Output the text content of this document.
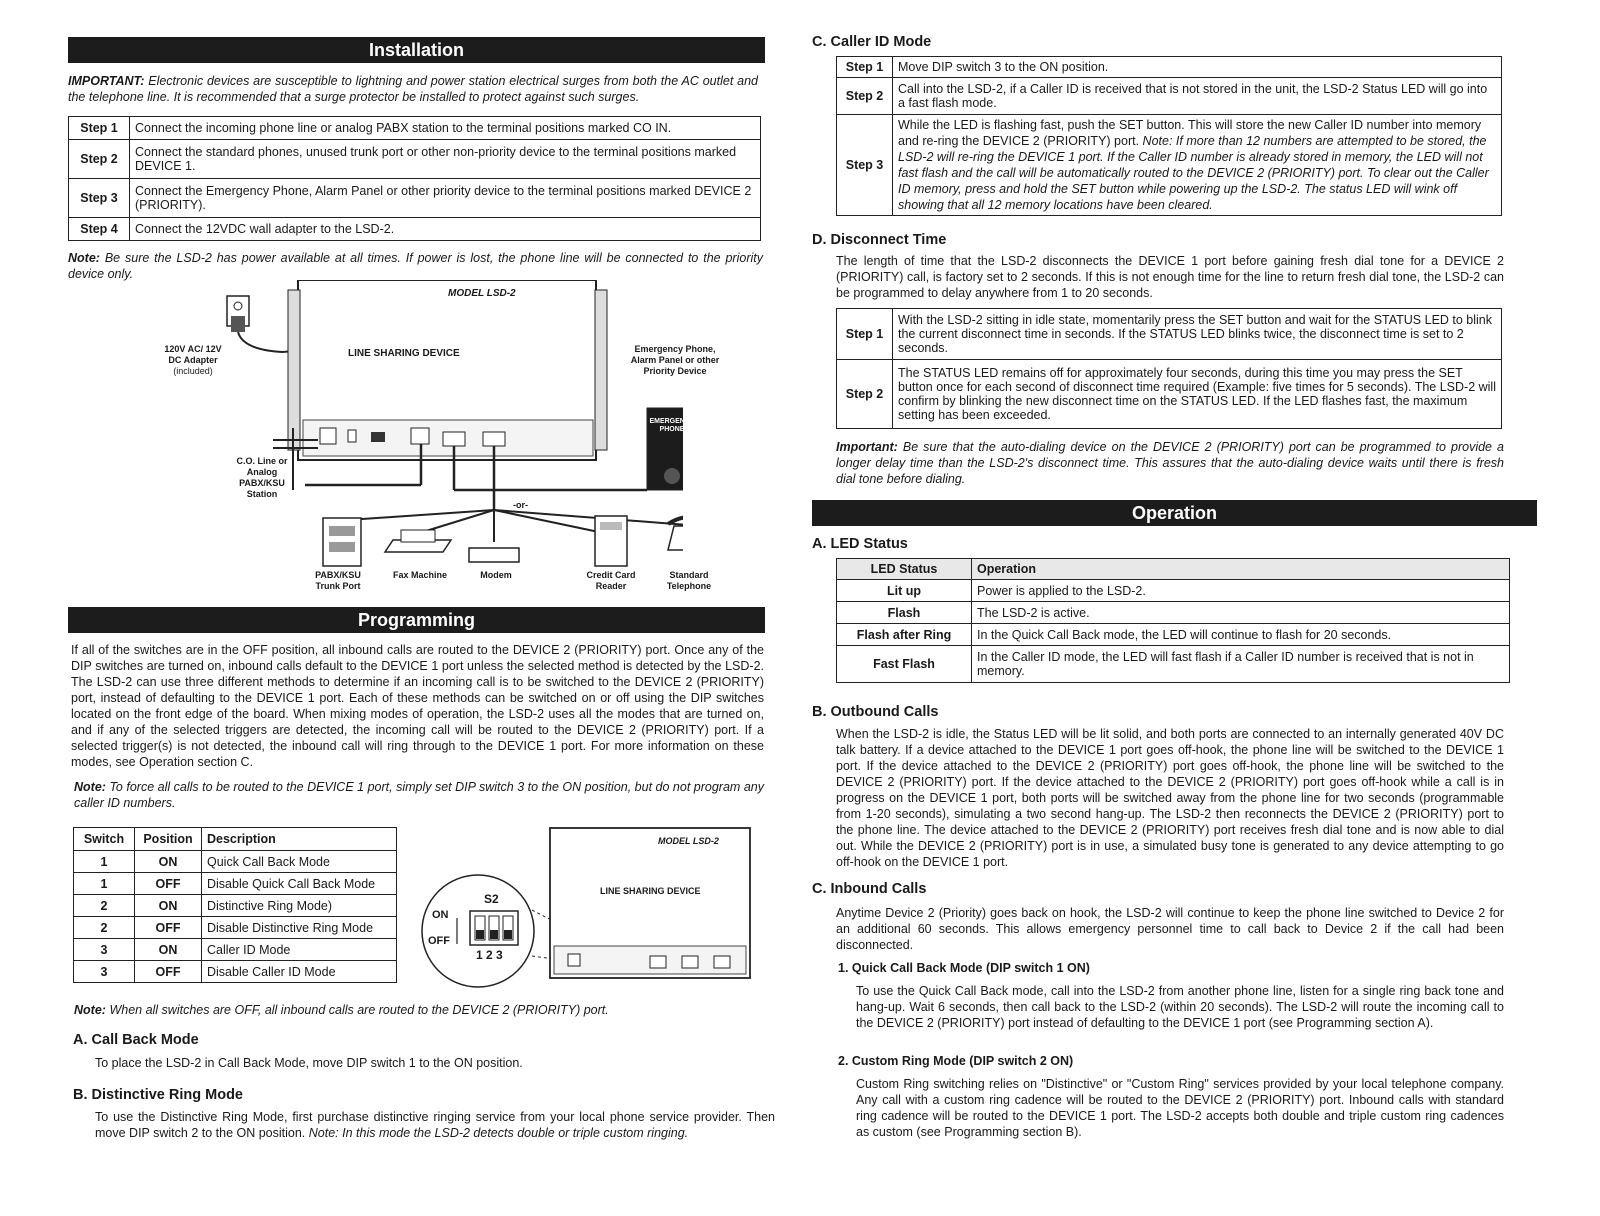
Installation

IMPORTANT: Electronic devices are susceptible to lightning and power station electrical surges from both the AC outlet and the telephone line. It is recommended that a surge protector be installed to protect against such surges.

Step 1	Connect the incoming phone line or analog PABX station to the terminal positions marked CO IN.
Step 2	Connect the standard phones, unused trunk port or other non-priority device to the terminal positions marked DEVICE 1.
Step 3	Connect the Emergency Phone, Alarm Panel or other priority device to the terminal positions marked DEVICE 2 (PRIORITY).
Step 4	Connect the 12VDC wall adapter to the LSD-2.

Note: Be sure the LSD-2 has power available at all times. If power is lost, the phone line will be connected to the priority device only.

MODEL LSD-2
LINE SHARING DEVICE
120V AC/ 12V DC Adapter
(included)
Emergency Phone, Alarm Panel or other Priority Device
EMERGENCY PHONE
C.O. Line or Analog PABX/KSU Station
-or-
PABX/KSU Trunk Port
Fax Machine	Modem	Credit Card Reader
Standard Telephone
Programming

If all of the switches are in the OFF position, all inbound calls are routed to the DEVICE 2 (PRIORITY) port. Once any of the DIP switches are turned on, inbound calls default to the DEVICE 1 port unless the selected method is detected by the LSD-2. The LSD-2 can use three different methods to determine if an incoming call is to be switched to the DEVICE 2 (PRIORITY) port, instead of defaulting to the DEVICE 1 port. Each of these methods can be switched on or off using the DIP switches located on the front edge of the board. When mixing modes of operation, the LSD-2 uses all the modes that are turned on, and if any of the selected triggers are detected, the incoming call will be routed to the DEVICE 2 (PRIORITY) port. If a selected trigger(s) is not detected, the inbound call will ring through to the DEVICE 1 port. For more information on these modes, see Operation section C.

Note: To force all calls to be routed to the DEVICE 1 port, simply set DIP switch 3 to the ON position, but do not program any caller ID numbers.

Switch	Position	Description
1	ON	Quick Call Back Mode
1	OFF	Disable Quick Call Back Mode
2	ON	Distinctive Ring Mode)
2	OFF	Disable Distinctive Ring Mode
3	ON	Caller ID Mode
3	OFF	Disable Caller ID Mode
S2
ON
OFF
1 2 3
MODEL LSD-2
LINE SHARING DEVICE

Note: When all switches are OFF, all inbound calls are routed to the DEVICE 2 (PRIORITY) port.

A. Call Back Mode

To place the LSD-2 in Call Back Mode, move DIP switch 1 to the ON position.

B. Distinctive Ring Mode

To use the Distinctive Ring Mode, first purchase distinctive ringing service from your local phone service provider. Then move DIP switch 2 to the ON position. Note: In this mode the LSD-2 detects double or triple custom ringing.

C. Caller ID Mode

Step 1	Move DIP switch 3 to the ON position.
Step 2	Call into the LSD-2, if a Caller ID is received that is not stored in the unit, the LSD-2 Status LED will go into a fast flash mode.
Step 3	While the LED is flashing fast, push the SET button. This will store the new Caller ID number into memory and re-ring the DEVICE 2 (PRIORITY) port. Note: If more than 12 numbers are attempted to be stored, the LSD-2 will re-ring the DEVICE 1 port. If the Caller ID number is already stored in memory, the LED will not fast flash and the call will be automatically routed to the DEVICE 2 (PRIORITY) port. To clear out the Caller ID memory, press and hold the SET button while powering up the LSD-2. The status LED will wink off showing that all 12 memory locations have been cleared.

D. Disconnect Time

The length of time that the LSD-2 disconnects the DEVICE 1 port before gaining fresh dial tone for a DEVICE 2 (PRIORITY) call, is factory set to 2 seconds. If this is not enough time for the line to return fresh dial tone, the LSD-2 can be programmed to delay anywhere from 1 to 20 seconds.

Step 1	With the LSD-2 sitting in idle state, momentarily press the SET button and wait for the STATUS LED to blink the current disconnect time in seconds. If the STATUS LED blinks twice, the disconnect time is set to 2 seconds.
Step 2	The STATUS LED remains off for approximately four seconds, during this time you may press the SET button once for each second of disconnect time required (Example: five times for 5 seconds). The LSD-2 will confirm by blinking the new disconnect time on the STATUS LED. If the LED flashes fast, the maximum setting has been exceeded.

Important: Be sure that the auto-dialing device on the DEVICE 2 (PRIORITY) port can be programmed to provide a longer delay time than the LSD-2's disconnect time. This assures that the auto-dialing device waits until there is fresh dial tone before dialing.

Operation

A. LED Status

LED Status	Operation
Lit up	Power is applied to the LSD-2.
Flash	The LSD-2 is active.
Flash after Ring	In the Quick Call Back mode, the LED will continue to flash for 20 seconds.
Fast Flash	In the Caller ID mode, the LED will fast flash if a Caller ID number is received that is not in memory.

B. Outbound Calls

When the LSD-2 is idle, the Status LED will be lit solid, and both ports are connected to an internally generated 40V DC talk battery. If a device attached to the DEVICE 1 port goes off-hook, the phone line will be switched to the DEVICE 1 port. If the device attached to the DEVICE 2 (PRIORITY) port goes off-hook, the phone line will be switched to the DEVICE 2 (PRIORITY) port. If the device attached to the DEVICE 2 (PRIORITY) port goes off-hook while a call is in progress on the DEVICE 1 port, both ports will be switched away from the phone line for two seconds (programmable from 1-20 seconds), simulating a two second hang-up. The LSD-2 then reconnects the DEVICE 2 (PRIORITY) port to the phone line. The device attached to the DEVICE 2 (PRIORITY) port receives fresh dial tone and is now able to dial out. While the DEVICE 2 (PRIORITY) port is in use, a simulated busy tone is generated to any device attempting to go off-hook on the DEVICE 1 port.

C. Inbound Calls

Anytime Device 2 (Priority) goes back on hook, the LSD-2 will continue to keep the phone line switched to Device 2 for an additional 60 seconds. This allows emergency personnel time to call back to Device 2 if the call had been disconnected.

1. Quick Call Back Mode (DIP switch 1 ON)

To use the Quick Call Back mode, call into the LSD-2 from another phone line, listen for a single ring back tone and hang-up. Wait 6 seconds, then call back to the LSD-2 (within 20 seconds). The LSD-2 will route the incoming call to the DEVICE 2 (PRIORITY) port instead of defaulting to the DEVICE 1 port (see Programming section A).

2. Custom Ring Mode (DIP switch 2 ON)

Custom Ring switching relies on "Distinctive" or "Custom Ring" services provided by your local telephone company. Any call with a custom ring cadence will be routed to the DEVICE 2 (PRIORITY) port. Inbound calls with standard ring cadence will be routed to the DEVICE 1 port. The LSD-2 accepts both double and triple custom ring cadences as custom (see Programming section B).
